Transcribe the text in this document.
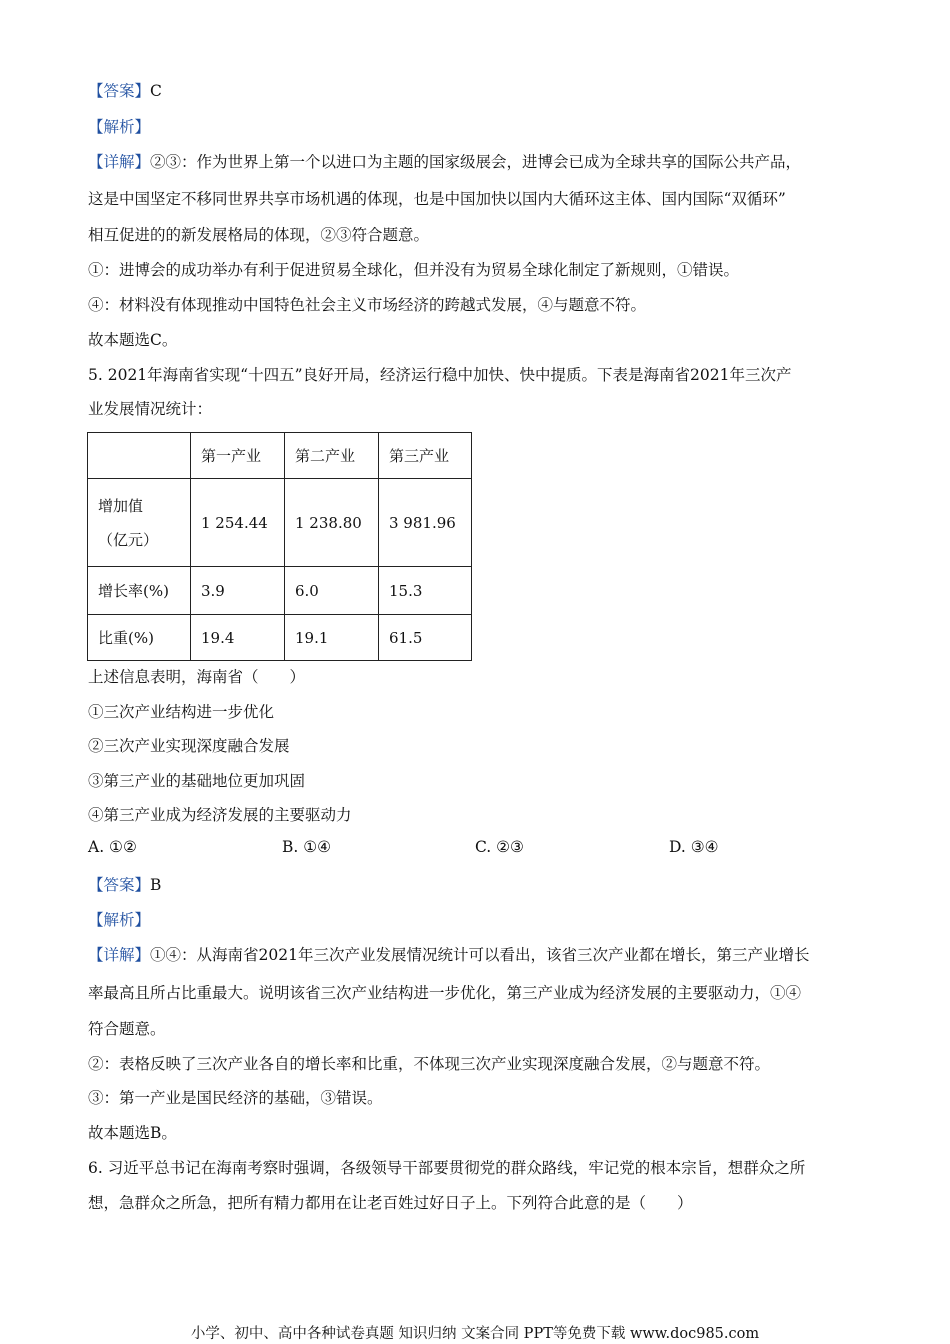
【答案】C
【解析】
【详解】②③：作为世界上第一个以进口为主题的国家级展会，进博会已成为全球共享的国际公共产品，
这是中国坚定不移同世界共享市场机遇的体现，也是中国加快以国内大循环这主体、国内国际“双循环”
相互促进的的新发展格局的体现，②③符合题意。
①：进博会的成功举办有利于促进贸易全球化，但并没有为贸易全球化制定了新规则，①错误。
④：材料没有体现推动中国特色社会主义市场经济的跨越式发展，④与题意不符。
故本题选C。
5. 2021年海南省实现“十四五”良好开局，经济运行稳中加快、快中提质。下表是海南省2021年三次产
业发展情况统计：
	第一产业	第二产业	第三产业

增加值
（亿元）	1 254.44	1 238.80	3 981.96
增长率(%)	3.9	6.0	15.3
比重(%)	19.4	19.1	61.5
上述信息表明，海南省（　　）
①三次产业结构进一步优化
②三次产业实现深度融合发展
③第三产业的基础地位更加巩固
④第三产业成为经济发展的主要驱动力
A. ①②	B. ①④	C. ②③	D. ③④
【答案】B
【解析】
【详解】①④：从海南省2021年三次产业发展情况统计可以看出，该省三次产业都在增长，第三产业增长
率最高且所占比重最大。说明该省三次产业结构进一步优化，第三产业成为经济发展的主要驱动力，①④
符合题意。
②：表格反映了三次产业各自的增长率和比重，不体现三次产业实现深度融合发展，②与题意不符。
③：第一产业是国民经济的基础，③错误。
故本题选B。
6. 习近平总书记在海南考察时强调，各级领导干部要贯彻党的群众路线，牢记党的根本宗旨，想群众之所
想，急群众之所急，把所有精力都用在让老百姓过好日子上。下列符合此意的是（　　）
小学、初中、高中各种试卷真题 知识归纳 文案合同 PPT等免费下载 www.doc985.com
